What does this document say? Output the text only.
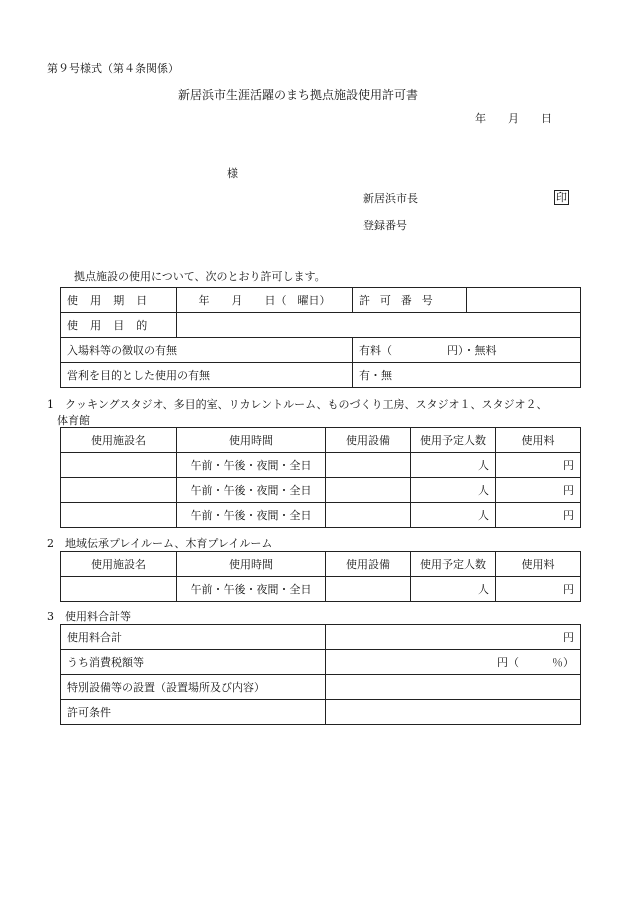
第９号様式（第４条関係）
新居浜市生涯活躍のまち拠点施設使用許可書
年　　月　　日
様
新居浜市長	印
登録番号
拠点施設の使用について、次のとおり許可します。
使用期日	年　　月　　日（　曜日）	許可番号	
使用目的			
入場料等の徴収の有無		有料（　　　　　円）・無料	
営利を目的とした使用の有無		有・無	
1　クッキングスタジオ、多目的室、リカレントルーム、ものづくり工房、スタジオ１、スタジオ２、
体育館
使用施設名	使用時間	使用設備	使用予定人数	使用料
	午前・午後・夜間・全日		人	円
	午前・午後・夜間・全日		人	円
	午前・午後・夜間・全日		人	円
2　地域伝承プレイルーム、木育プレイルーム
使用施設名	使用時間	使用設備	使用予定人数	使用料
	午前・午後・夜間・全日		人	円
3　使用料合計等
使用料合計	円
うち消費税額等	円（　　　％）
特別設備等の設置（設置場所及び内容）	
許可条件	
